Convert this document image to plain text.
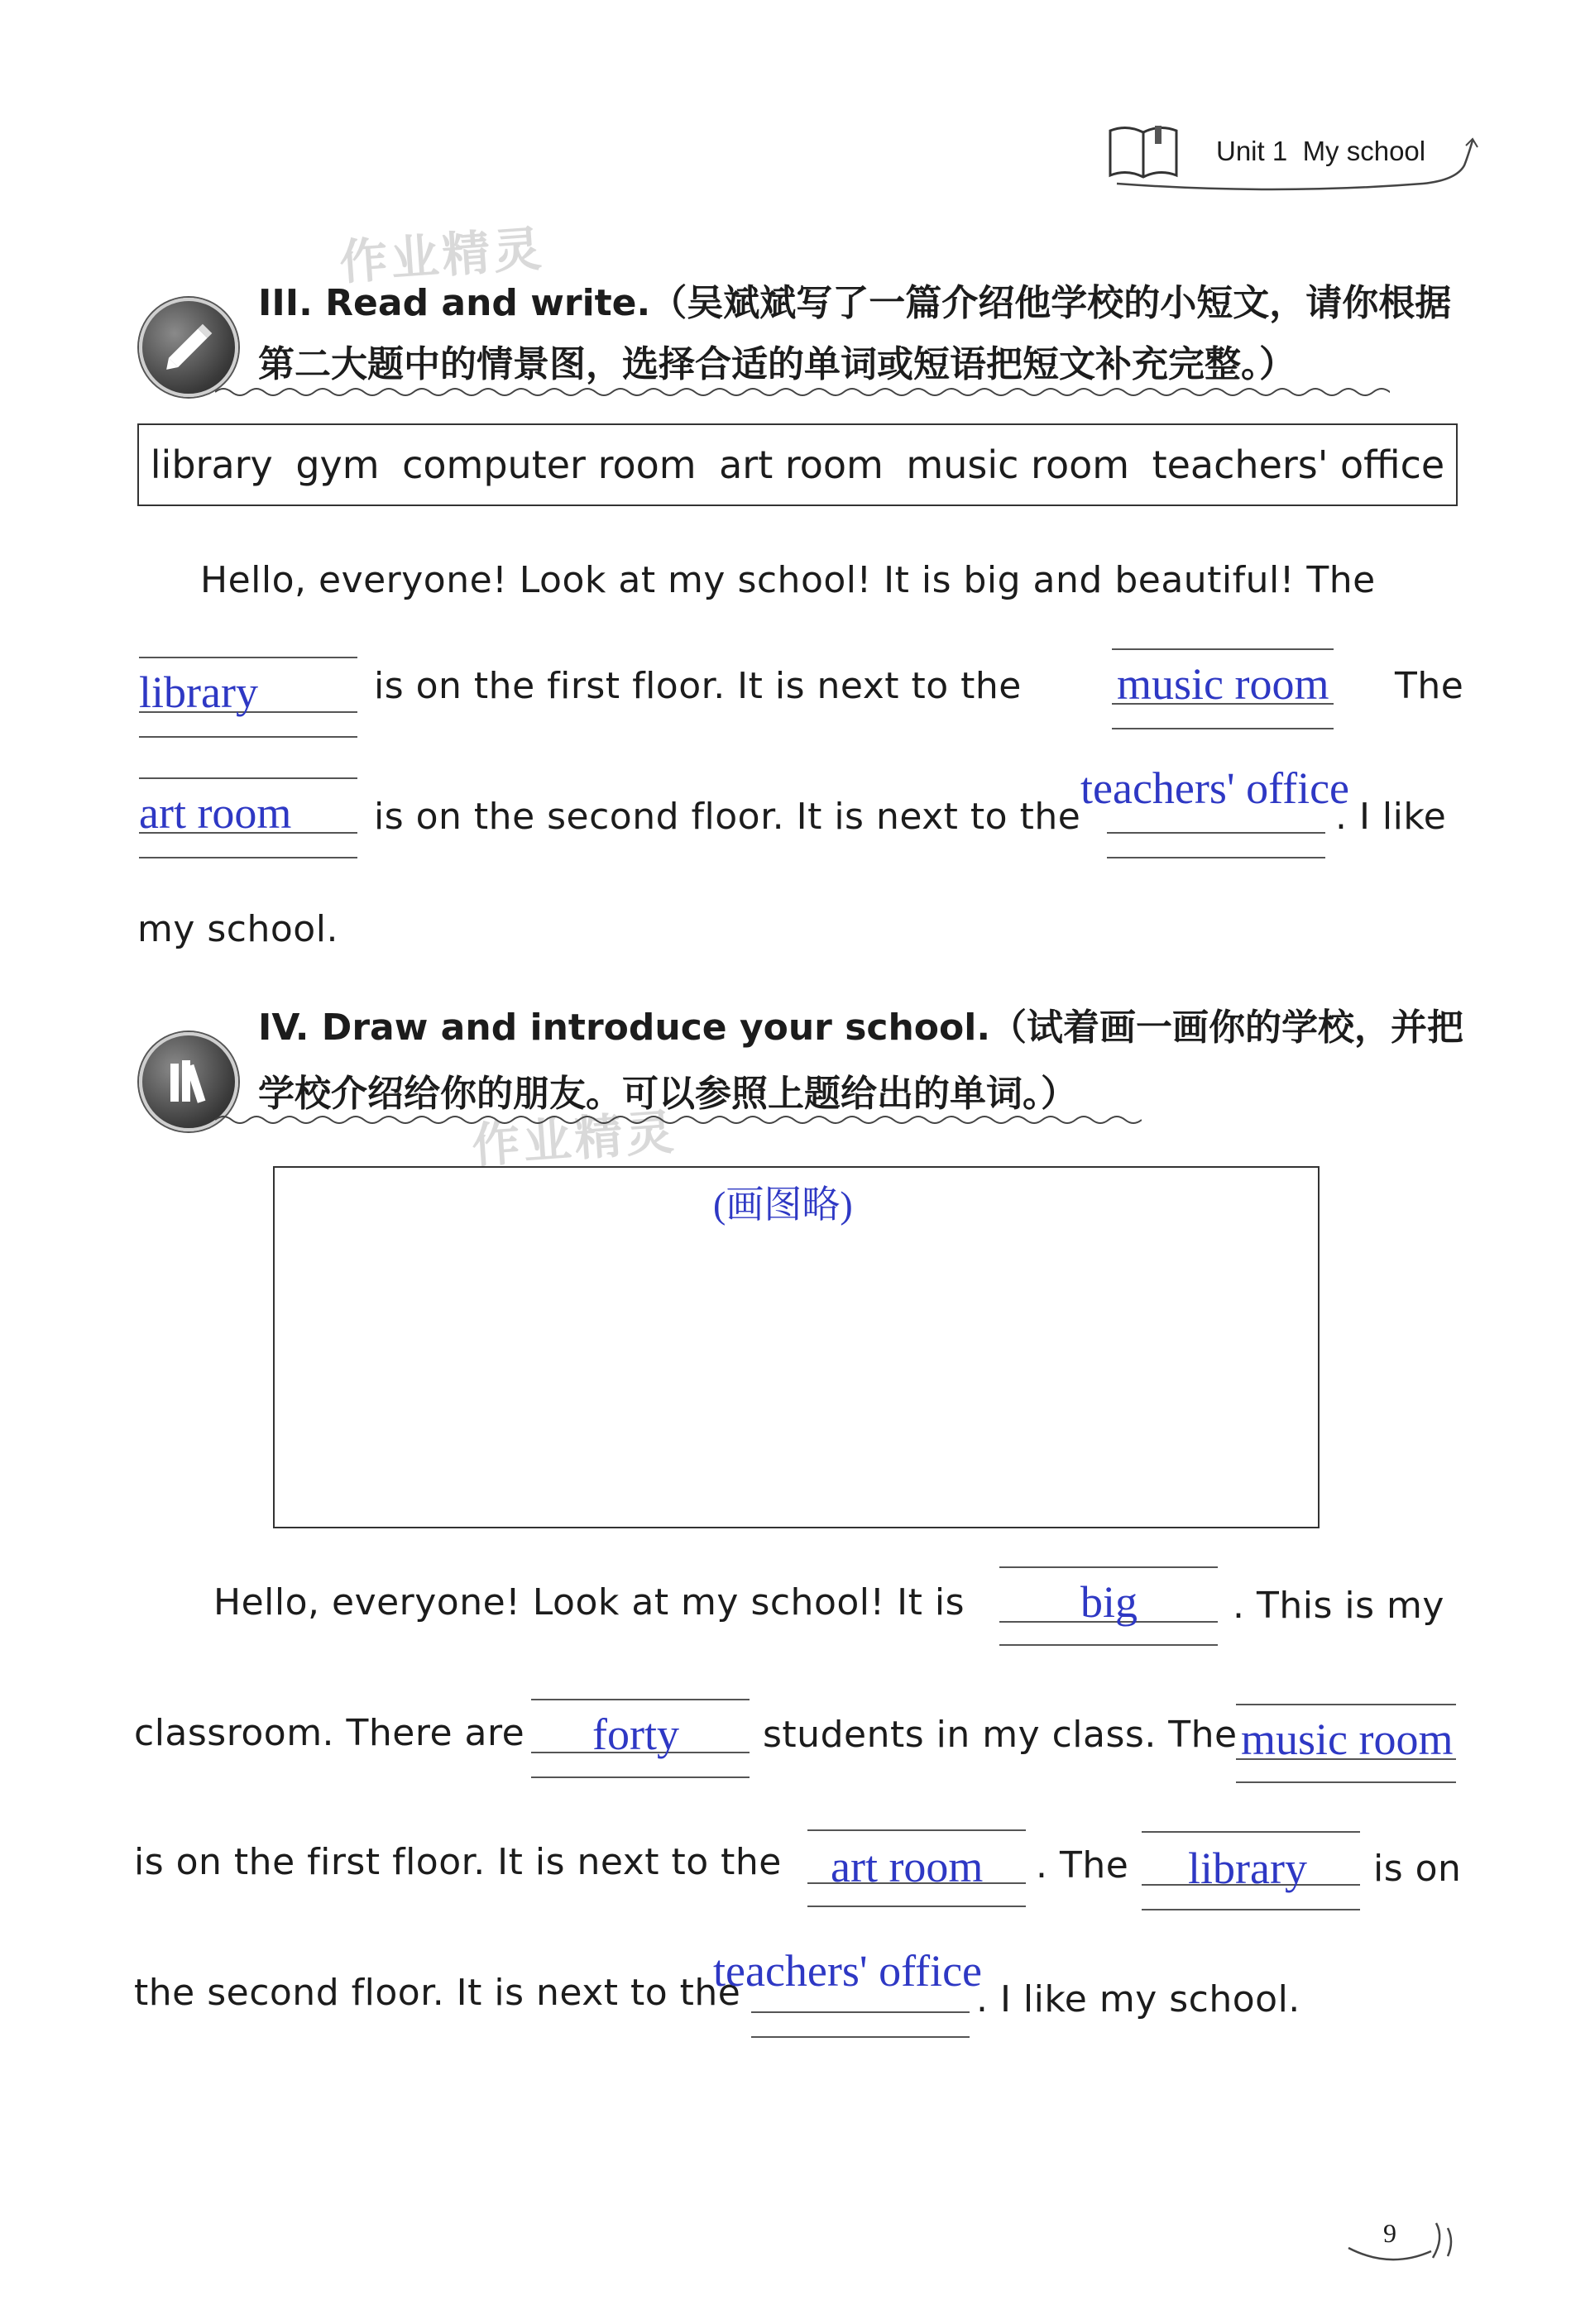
Unit 1 My school
作业精灵
作业精灵
III. Read and write.（吴斌斌写了一篇介绍他学校的小短文，请你根据
第二大题中的情景图，选择合适的单词或短语把短文补充完整。）
library gym computer room art room music room teachers' office
Hello, everyone! Look at my school! It is big and beautiful! The
library	is on the first floor. It is next to the music room The
art room is on the second floor. It is next to the
teachers' office
. I like
my school.
IV. Draw and introduce your school.（试着画一画你的学校，并把
学校介绍给你的朋友。可以参照上题给出的单词。）
(画图略)
Hello, everyone! Look at my school! It is	big	. This is my
classroom. There are forty students in my class. The music room
is on the first floor. It is next to the art room . The library is on
the second floor. It is next to the
teachers' office
. I like my school.
9
